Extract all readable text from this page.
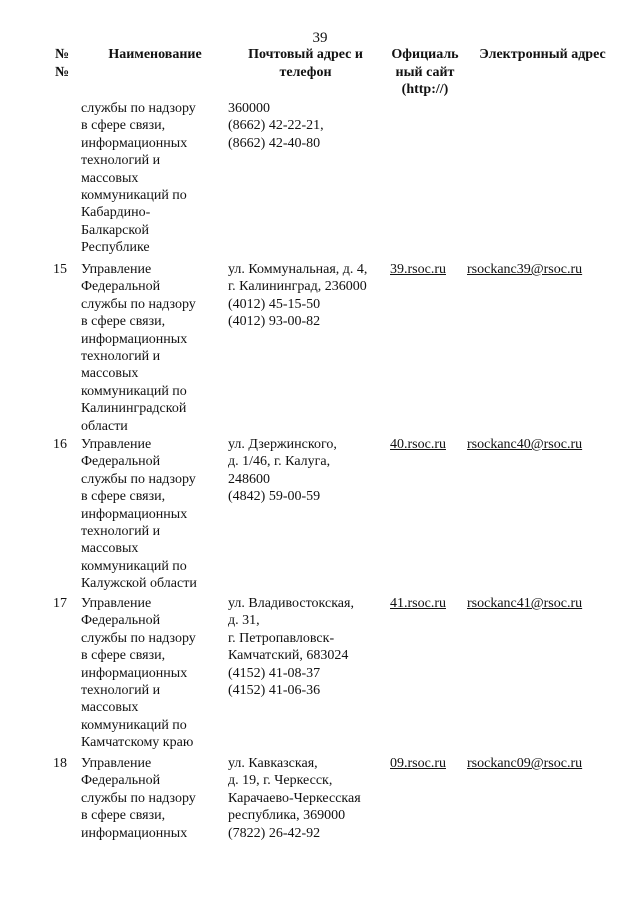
39
№
№
Наименование	Почтовый адрес и
телефон
Официаль
ный сайт
(http://)
Электронный адрес
службы по надзору
в сфере связи,
информационных
технологий и
массовых
коммуникаций по
Кабардино-
Балкарской
Республике
360000
(8662) 42-22-21,
(8662) 42-40-80
15 Управление
Федеральной
службы по надзору
в сфере связи,
информационных
технологий и
массовых
коммуникаций по
Калининградской
области
ул. Коммунальная, д. 4,
г. Калининград, 236000
(4012) 45-15-50
(4012) 93-00-82
39.rsoc.ru rsockanc39@rsoc.ru
16 Управление
Федеральной
службы по надзору
в сфере связи,
информационных
технологий и
массовых
коммуникаций по
Калужской области
ул. Дзержинского,
д. 1/46, г. Калуга,
248600
(4842) 59-00-59
40.rsoc.ru rsockanc40@rsoc.ru
17 Управление
Федеральной
службы по надзору
в сфере связи,
информационных
технологий и
массовых
коммуникаций по
Камчатскому краю
ул. Владивостокская,
д. 31,
г. Петропавловск-
Камчатский, 683024
(4152) 41-08-37
(4152) 41-06-36
41.rsoc.ru rsockanc41@rsoc.ru
18 Управление
Федеральной
службы по надзору
в сфере связи,
информационных
ул. Кавказская,
д. 19, г. Черкесск,
Карачаево-Черкесская
республика, 369000
(7822) 26-42-92
09.rsoc.ru rsockanc09@rsoc.ru
